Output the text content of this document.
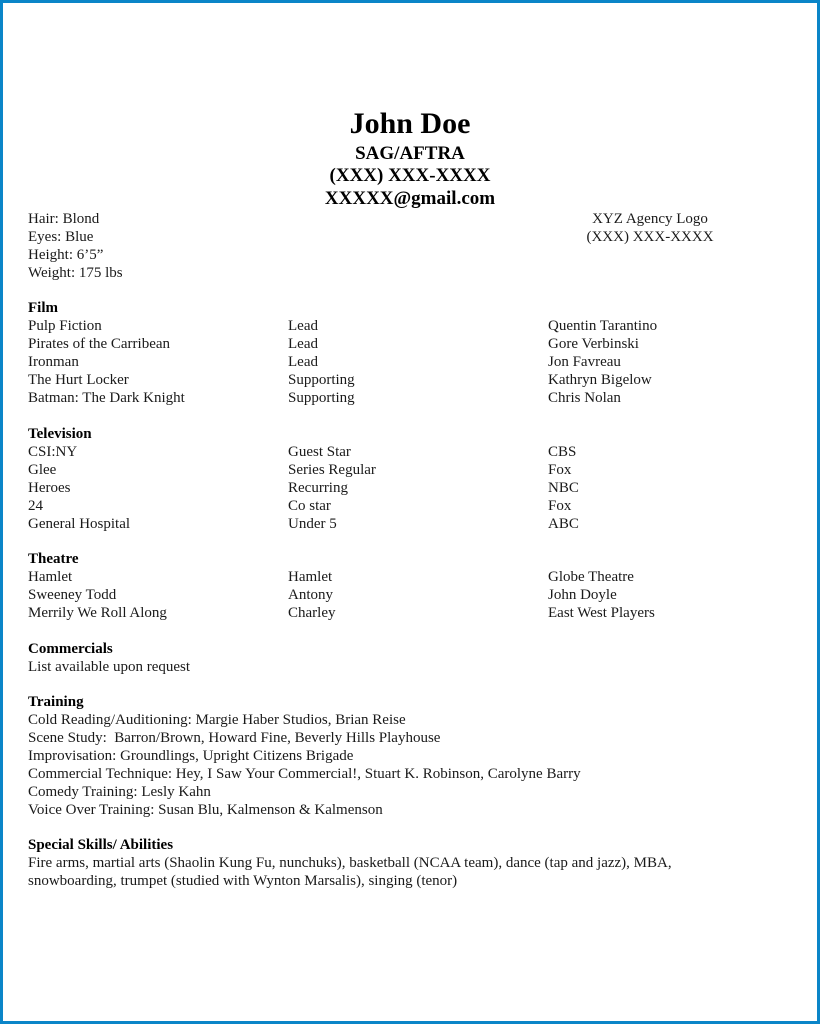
John Doe
SAG/AFTRA
(XXX) XXX-XXXX
XXXXX@gmail.com
Hair: Blond
Eyes: Blue
Height: 6’5”
Weight: 175 lbs
XYZ Agency Logo
(XXX) XXX-XXXX
Film
Pulp Fiction	Lead	Quentin Tarantino
Pirates of the Carribean	Lead	Gore Verbinski
Ironman	Lead	Jon Favreau
The Hurt Locker	Supporting	Kathryn Bigelow
Batman: The Dark Knight	Supporting	Chris Nolan
Television
CSI:NY	Guest Star	CBS
Glee	Series Regular	Fox
Heroes	Recurring	NBC
24	Co star	Fox
General Hospital	Under 5	ABC
Theatre
Hamlet	Hamlet	Globe Theatre
Sweeney Todd	Antony	John Doyle
Merrily We Roll Along	Charley	East West Players
Commercials
List available upon request
Training
Cold Reading/Auditioning: Margie Haber Studios, Brian Reise
Scene Study:  Barron/Brown, Howard Fine, Beverly Hills Playhouse
Improvisation: Groundlings, Upright Citizens Brigade
Commercial Technique: Hey, I Saw Your Commercial!, Stuart K. Robinson, Carolyne Barry
Comedy Training: Lesly Kahn
Voice Over Training: Susan Blu, Kalmenson & Kalmenson
Special Skills/ Abilities
Fire arms, martial arts (Shaolin Kung Fu, nunchuks), basketball (NCAA team), dance (tap and jazz), MBA,
snowboarding, trumpet (studied with Wynton Marsalis), singing (tenor)
